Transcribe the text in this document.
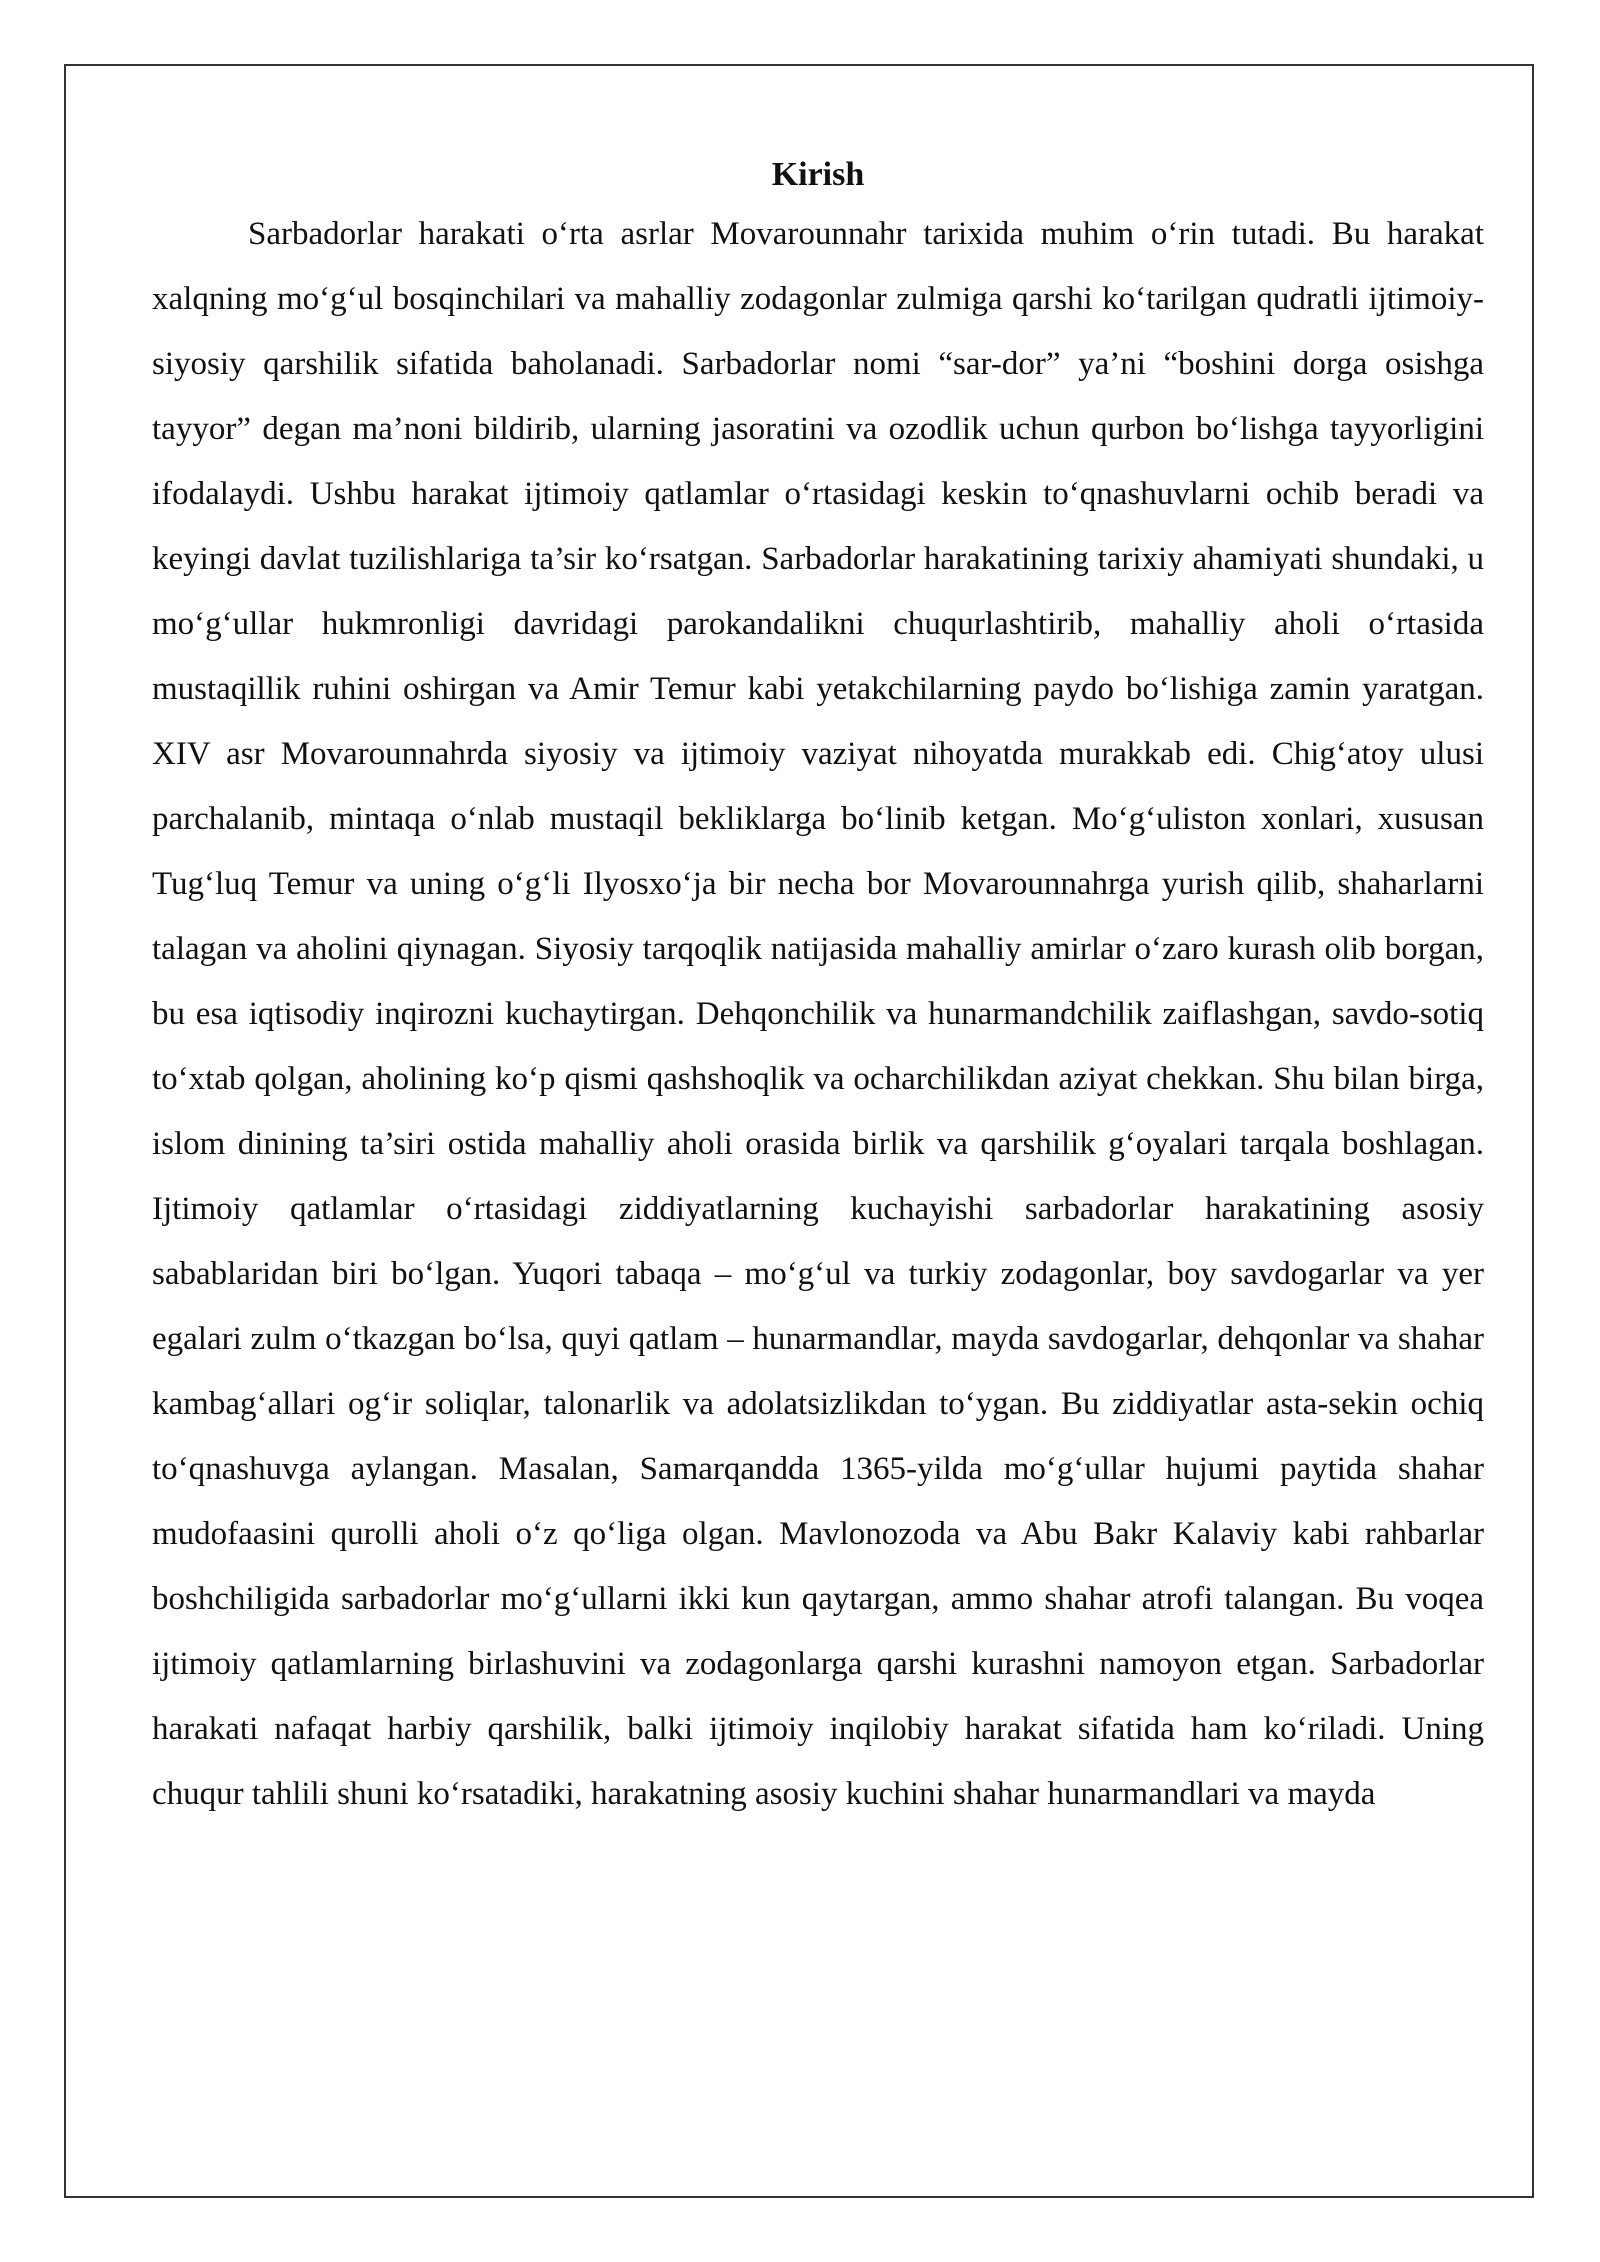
Kirish

Sarbadorlar harakati o‘rta asrlar Movarounnahr tarixida muhim o‘rin tutadi. Bu harakat xalqning mo‘g‘ul bosqinchilari va mahalliy zodagonlar zulmiga qarshi ko‘tarilgan qudratli ijtimoiy-siyosiy qarshilik sifatida baholanadi. Sarbadorlar nomi “sar-dor” ya’ni “boshini dorga osishga tayyor” degan ma’noni bildirib, ularning jasoratini va ozodlik uchun qurbon bo‘lishga tayyorligini ifodalaydi. Ushbu harakat ijtimoiy qatlamlar o‘rtasidagi keskin to‘qnashuvlarni ochib beradi va keyingi davlat tuzilishlariga ta’sir ko‘rsatgan. Sarbadorlar harakatining tarixiy ahamiyati shundaki, u mo‘g‘ullar hukmronligi davridagi parokandalikni chuqurlashtirib, mahalliy aholi o‘rtasida mustaqillik ruhini oshirgan va Amir Temur kabi yetakchilarning paydo bo‘lishiga zamin yaratgan. XIV asr Movarounnahrda siyosiy va ijtimoiy vaziyat nihoyatda murakkab edi. Chig‘atoy ulusi parchalanib, mintaqa o‘nlab mustaqil bekliklarga bo‘linib ketgan. Mo‘g‘uliston xonlari, xususan Tug‘luq Temur va uning o‘g‘li Ilyosxo‘ja bir necha bor Movarounnahrga yurish qilib, shaharlarni talagan va aholini qiynagan. Siyosiy tarqoqlik natijasida mahalliy amirlar o‘zaro kurash olib borgan, bu esa iqtisodiy inqirozni kuchaytirgan. Dehqonchilik va hunarmandchilik zaiflashgan, savdo-sotiq to‘xtab qolgan, aholining ko‘p qismi qashshoqlik va ocharchilikdan aziyat chekkan. Shu bilan birga, islom dinining ta’siri ostida mahalliy aholi orasida birlik va qarshilik g‘oyalari tarqala boshlagan. Ijtimoiy qatlamlar o‘rtasidagi ziddiyatlarning kuchayishi sarbadorlar harakatining asosiy sabablaridan biri bo‘lgan. Yuqori tabaqa – mo‘g‘ul va turkiy zodagonlar, boy savdogarlar va yer egalari zulm o‘tkazgan bo‘lsa, quyi qatlam – hunarmandlar, mayda savdogarlar, dehqonlar va shahar kambag‘allari og‘ir soliqlar, talonarlik va adolatsizlikdan to‘ygan. Bu ziddiyatlar asta-sekin ochiq to‘qnashuvga aylangan. Masalan, Samarqandda 1365-yilda mo‘g‘ullar hujumi paytida shahar mudofaasini qurolli aholi o‘z qo‘liga olgan. Mavlonozoda va Abu Bakr Kalaviy kabi rahbarlar boshchiligida sarbadorlar mo‘g‘ullarni ikki kun qaytargan, ammo shahar atrofi talangan. Bu voqea ijtimoiy qatlamlarning birlashuvini va zodagonlarga qarshi kurashni namoyon etgan. Sarbadorlar harakati nafaqat harbiy qarshilik, balki ijtimoiy inqilobiy harakat sifatida ham ko‘riladi. Uning chuqur tahlili shuni ko‘rsatadiki, harakatning asosiy kuchini shahar hunarmandlari va mayda
